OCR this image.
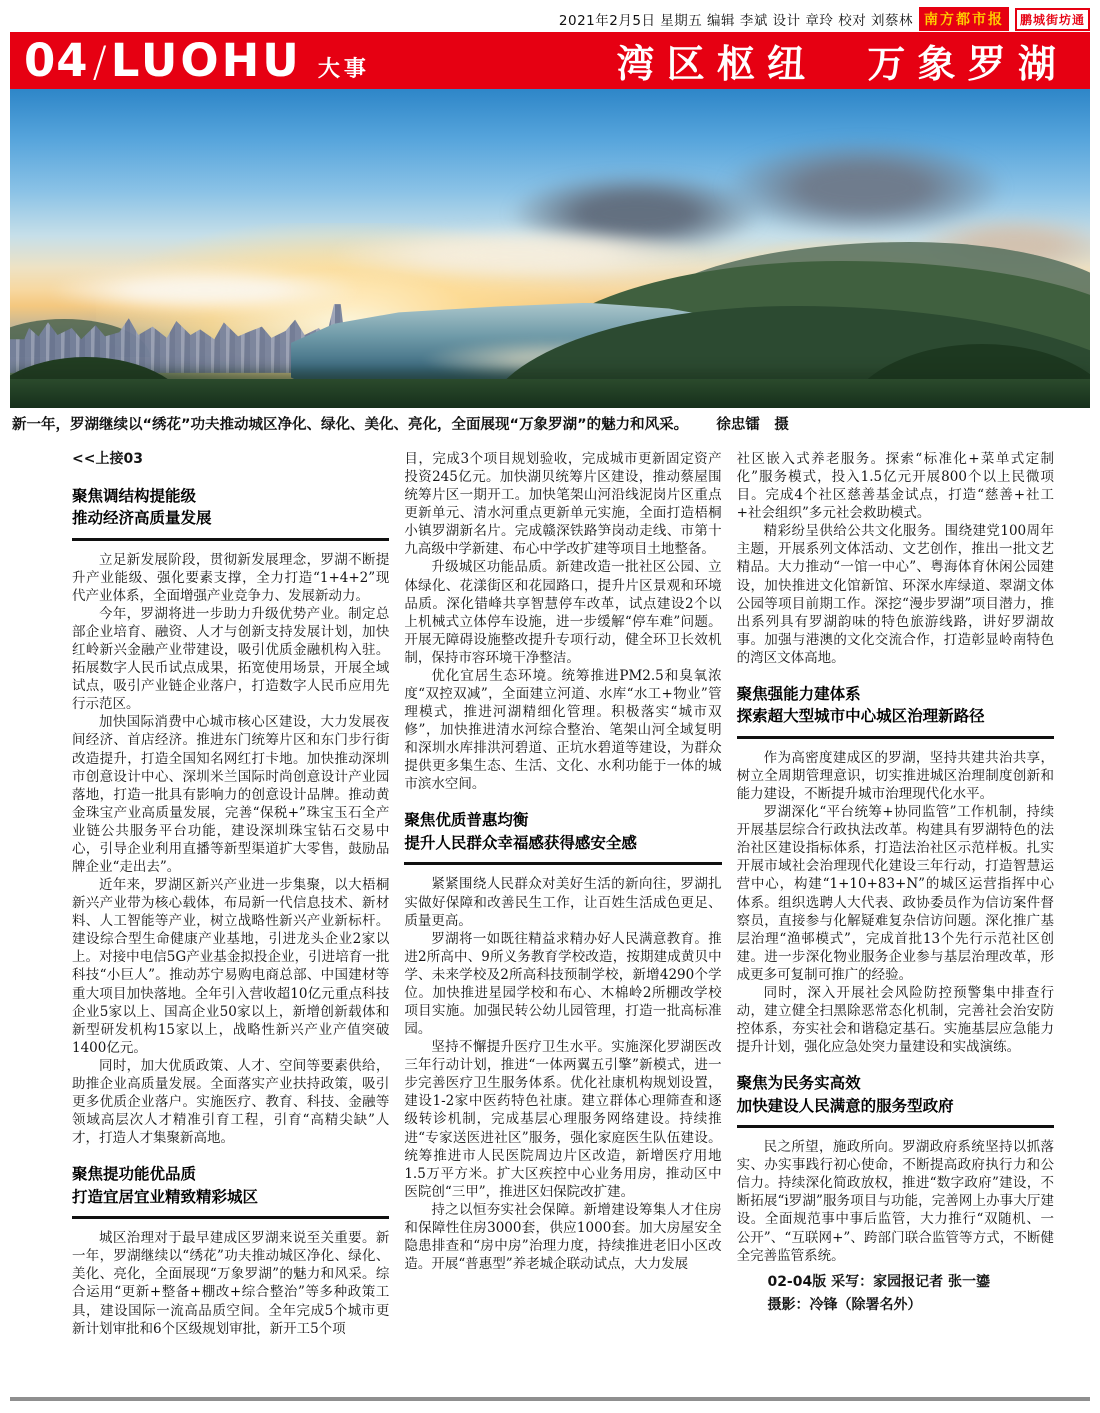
2021年2月5日 星期五 编辑 李斌 设计 章玲 校对 刘蔡林 南方都市报	鹏城街坊通
04 / LUOHU 大事	湾区枢纽　万象罗湖
新一年，罗湖继续以“绣花”功夫推动城区净化、绿化、美化、亮化，全面展现“万象罗湖”的魅力和风采。 徐忠镭　摄

<<上接03

聚焦调结构提能级
推动经济高质量发展

立足新发展阶段，贯彻新发展理念，罗湖不断提升产业能级、强化要素支撑，全力打造“1+4+2”现代产业体系，全面增强产业竞争力、发展新动力。

今年，罗湖将进一步助力升级优势产业。制定总部企业培育、融资、人才与创新支持发展计划，加快红岭新兴金融产业带建设，吸引优质金融机构入驻。拓展数字人民币试点成果，拓宽使用场景，开展全域试点，吸引产业链企业落户，打造数字人民币应用先行示范区。

加快国际消费中心城市核心区建设，大力发展夜间经济、首店经济。推进东门统筹片区和东门步行街改造提升，打造全国知名网红打卡地。加快推动深圳市创意设计中心、深圳米兰国际时尚创意设计产业园落地，打造一批具有影响力的创意设计品牌。推动黄金珠宝产业高质量发展，完善“保税+”珠宝玉石全产业链公共服务平台功能，建设深圳珠宝钻石交易中心，引导企业利用直播等新型渠道扩大零售，鼓励品牌企业“走出去”。

近年来，罗湖区新兴产业进一步集聚，以大梧桐新兴产业带为核心载体，布局新一代信息技术、新材料、人工智能等产业，树立战略性新兴产业新标杆。建设综合型生命健康产业基地，引进龙头企业2家以上。对接中电信5G产业基金拟投企业，引进培育一批科技“小巨人”。推动苏宁易购电商总部、中国建材等重大项目加快落地。全年引入营收超10亿元重点科技企业5家以上、国高企业50家以上，新增创新载体和新型研发机构15家以上，战略性新兴产业产值突破1400亿元。

同时，加大优质政策、人才、空间等要素供给，助推企业高质量发展。全面落实产业扶持政策，吸引更多优质企业落户。实施医疗、教育、科技、金融等领域高层次人才精准引育工程，引育“高精尖缺”人才，打造人才集聚新高地。

聚焦提功能优品质
打造宜居宜业精致精彩城区

城区治理对于最早建成区罗湖来说至关重要。新一年，罗湖继续以“绣花”功夫推动城区净化、绿化、美化、亮化，全面展现“万象罗湖”的魅力和风采。综合运用“更新+整备+棚改+综合整治”等多种政策工具，建设国际一流高品质空间。全年完成5个城市更新计划审批和6个区级规划审批，新开工5个项

目，完成3个项目规划验收，完成城市更新固定资产投资245亿元。加快湖贝统筹片区建设，推动蔡屋围统筹片区一期开工。加快笔架山河沿线泥岗片区重点更新单元、清水河重点更新单元实施，全面打造梧桐小镇罗湖新名片。完成赣深铁路笋岗动走线、市第十九高级中学新建、布心中学改扩建等项目土地整备。

升级城区功能品质。新建改造一批社区公园、立体绿化、花漾街区和花园路口，提升片区景观和环境品质。深化错峰共享智慧停车改革，试点建设2个以上机械式立体停车设施，进一步缓解“停车难”问题。开展无障碍设施整改提升专项行动，健全环卫长效机制，保持市容环境干净整洁。

优化宜居生态环境。统筹推进PM2.5和臭氧浓度“双控双减”，全面建立河道、水库“水工+物业”管理模式，推进河湖精细化管理。积极落实“城市双修”，加快推进清水河综合整治、笔架山河全域复明和深圳水库排洪河碧道、正坑水碧道等建设，为群众提供更多集生态、生活、文化、水利功能于一体的城市滨水空间。

聚焦优质普惠均衡
提升人民群众幸福感获得感安全感

紧紧围绕人民群众对美好生活的新向往，罗湖扎实做好保障和改善民生工作，让百姓生活成色更足、质量更高。

罗湖将一如既往精益求精办好人民满意教育。推进2所高中、9所义务教育学校改造，按期建成黄贝中学、未来学校及2所高科技预制学校，新增4290个学位。加快推进星园学校和布心、木棉岭2所棚改学校项目实施。加强民转公幼儿园管理，打造一批高标准园。

坚持不懈提升医疗卫生水平。实施深化罗湖医改三年行动计划，推进“一体两翼五引擎”新模式，进一步完善医疗卫生服务体系。优化社康机构规划设置，建设1-2家中医药特色社康。建立群体心理筛查和逐级转诊机制，完成基层心理服务网络建设。持续推进“专家送医进社区”服务，强化家庭医生队伍建设。统筹推进市人民医院周边片区改造，新增医疗用地1.5万平方米。扩大区疾控中心业务用房，推动区中医院创“三甲”，推进区妇保院改扩建。

持之以恒夯实社会保障。新增建设筹集人才住房和保障性住房3000套，供应1000套。加大房屋安全隐患排查和“房中房”治理力度，持续推进老旧小区改造。开展“普惠型”养老城企联动试点，大力发展

社区嵌入式养老服务。探索“标准化+菜单式定制化”服务模式，投入1.5亿元开展800个以上民微项目。完成4个社区慈善基金试点，打造“慈善+社工+社会组织”多元社会救助模式。

精彩纷呈供给公共文化服务。围绕建党100周年主题，开展系列文体活动、文艺创作，推出一批文艺精品。大力推动“一馆一中心”、粤海体育休闲公园建设，加快推进文化馆新馆、环深水库绿道、翠湖文体公园等项目前期工作。深挖“漫步罗湖”项目潜力，推出系列具有罗湖韵味的特色旅游线路，讲好罗湖故事。加强与港澳的文化交流合作，打造彰显岭南特色的湾区文体高地。

聚焦强能力建体系
探索超大型城市中心城区治理新路径

作为高密度建成区的罗湖，坚持共建共治共享，树立全周期管理意识，切实推进城区治理制度创新和能力建设，不断提升城市治理现代化水平。

罗湖深化“平台统筹+协同监管”工作机制，持续开展基层综合行政执法改革。构建具有罗湖特色的法治社区建设指标体系，打造法治社区示范样板。扎实开展市域社会治理现代化建设三年行动，打造智慧运营中心，构建“1+10+83+N”的城区运营指挥中心体系。组织选聘人大代表、政协委员作为信访案件督察员，直接参与化解疑难复杂信访问题。深化推广基层治理“渔邨模式”，完成首批13个先行示范社区创建。进一步深化物业服务企业参与基层治理改革，形成更多可复制可推广的经验。

同时，深入开展社会风险防控预警集中排查行动，建立健全扫黑除恶常态化机制，完善社会治安防控体系，夯实社会和谐稳定基石。实施基层应急能力提升计划，强化应急处突力量建设和实战演练。

聚焦为民务实高效
加快建设人民满意的服务型政府

民之所望，施政所向。罗湖政府系统坚持以抓落实、办实事践行初心使命，不断提高政府执行力和公信力。持续深化简政放权，推进“数字政府”建设，不断拓展“i罗湖”服务项目与功能，完善网上办事大厅建设。全面规范事中事后监管，大力推行“双随机、一公开”、“互联网+”、跨部门联合监管等方式，不断健全完善监管系统。

02-04版 采写：家园报记者 张一鎏
摄影：冷锋（除署名外）
